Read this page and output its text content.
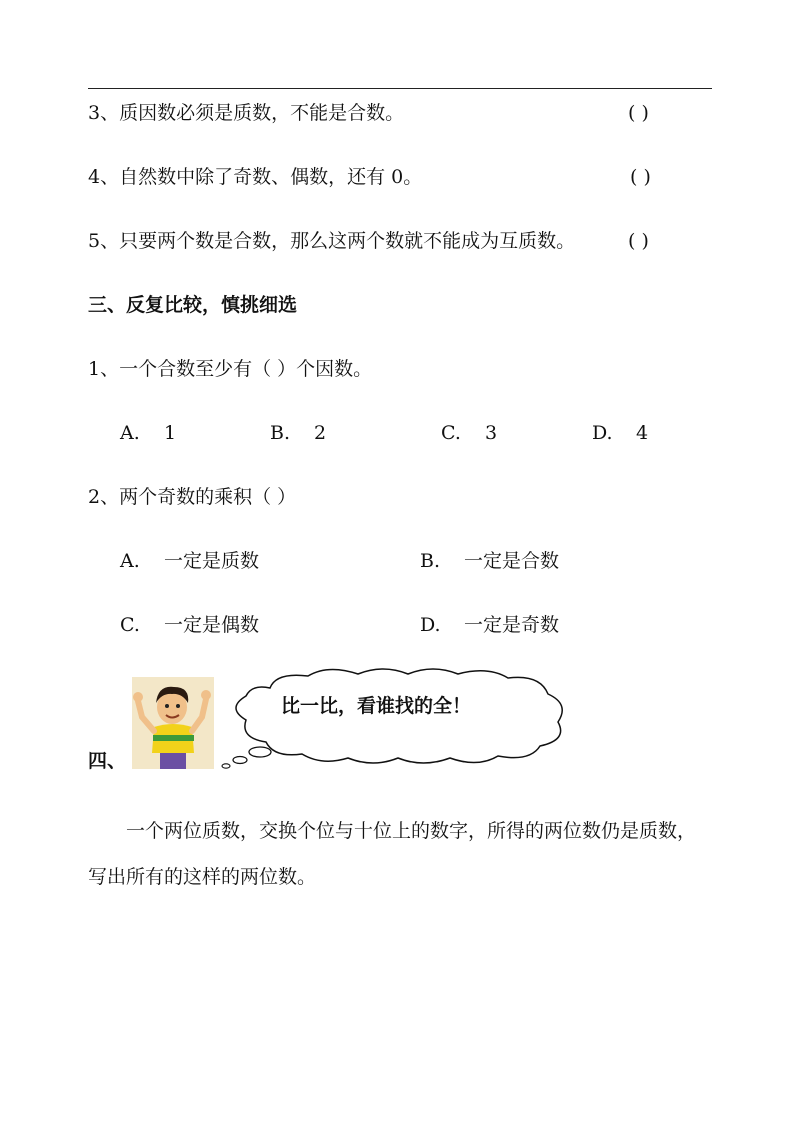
3、质因数必须是质数，不能是合数。	( )
4、自然数中除了奇数、偶数，还有 0。	( )
5、只要两个数是合数，那么这两个数就不能成为互质数。	( )
三、反复比较，慎挑细选
1、一个合数至少有（ ）个因数。
A. 1	B. 2	C. 3	D. 4
2、两个奇数的乘积（ ）
A. 一定是质数	B. 一定是合数
C. 一定是偶数	D. 一定是奇数
比一比，看谁找的全！
四、
一个两位质数，交换个位与十位上的数字，所得的两位数仍是质数，写出所有的这样的两位数。
